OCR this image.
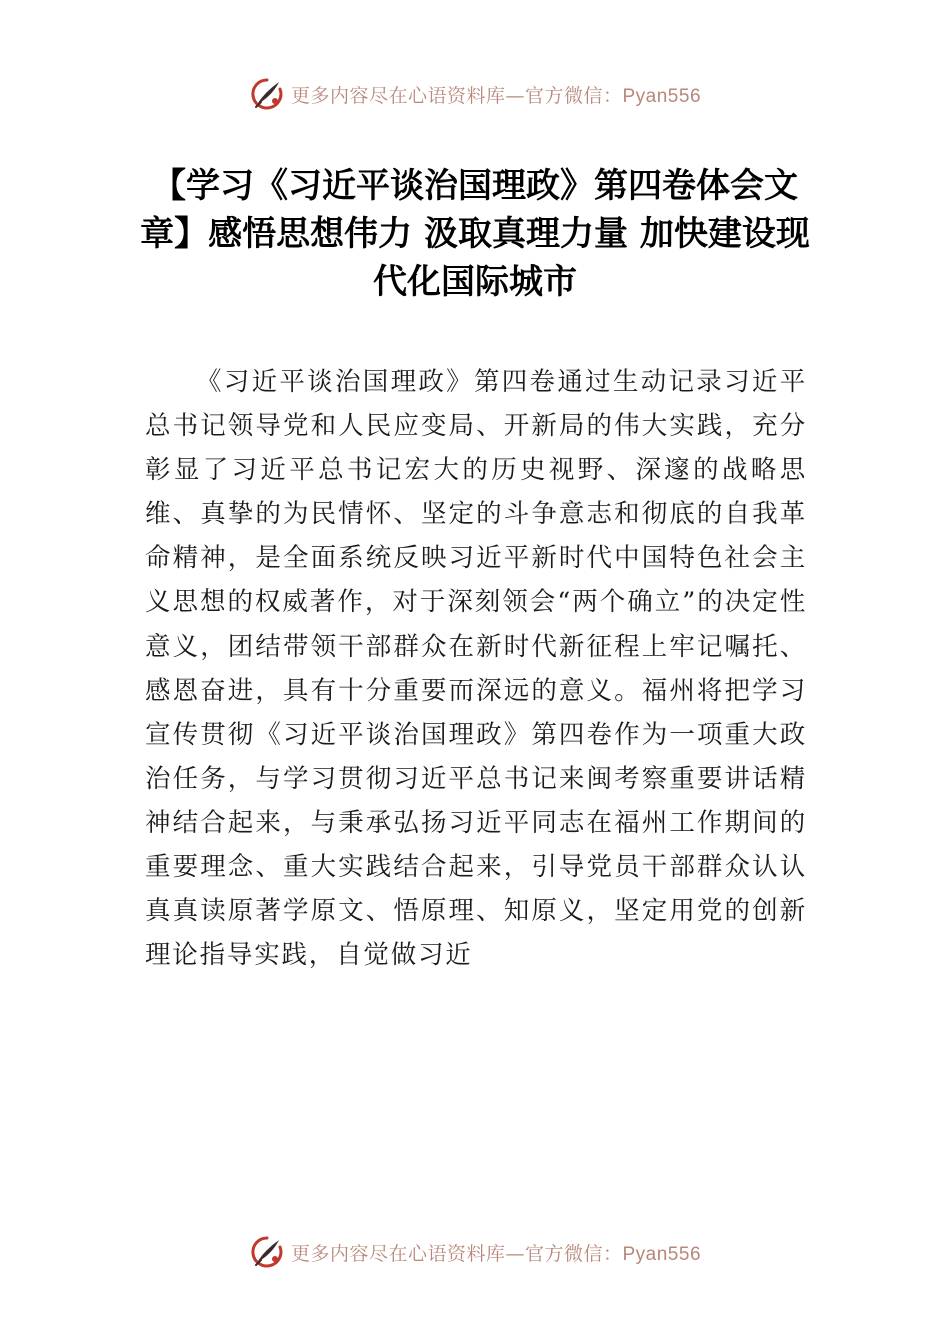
更多内容尽在心语资料库—官方微信：Pyan556
【学习《习近平谈治国理政》第四卷体会文章】感悟思想伟力 汲取真理力量 加快建设现代化国际城市

《习近平谈治国理政》第四卷通过生动记录习近平总书记领导党和人民应变局、开新局的伟大实践，充分彰显了习近平总书记宏大的历史视野、深邃的战略思维、真挚的为民情怀、坚定的斗争意志和彻底的自我革命精神，是全面系统反映习近平新时代中国特色社会主义思想的权威著作，对于深刻领会“两个确立”的决定性意义，团结带领干部群众在新时代新征程上牢记嘱托、感恩奋进，具有十分重要而深远的意义。福州将把学习宣传贯彻《习近平谈治国理政》第四卷作为一项重大政治任务，与学习贯彻习近平总书记来闽考察重要讲话精神结合起来，与秉承弘扬习近平同志在福州工作期间的重要理念、重大实践结合起来，引导党员干部群众认认真真读原著学原文、悟原理、知原义，坚定用党的创新理论指导实践，自觉做习近

更多内容尽在心语资料库—官方微信：Pyan556
